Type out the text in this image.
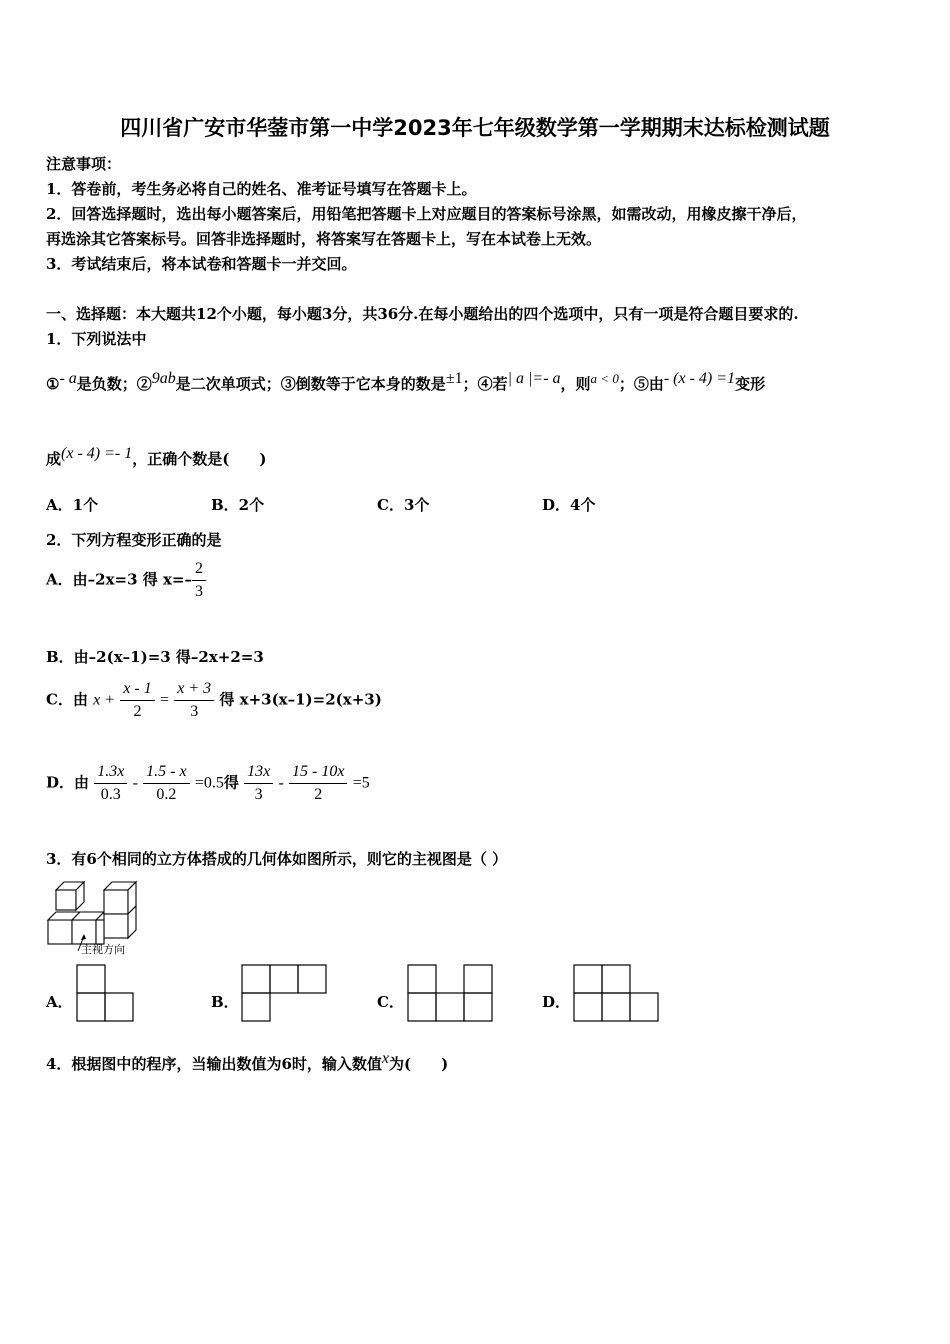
四川省广安市华蓥市第一中学2023年七年级数学第一学期期末达标检测试题
注意事项：
1．答卷前，考生务必将自己的姓名、准考证号填写在答题卡上。
2．回答选择题时，选出每小题答案后，用铅笔把答题卡上对应题目的答案标号涂黑，如需改动，用橡皮擦干净后，
再选涂其它答案标号。回答非选择题时，将答案写在答题卡上，写在本试卷上无效。
3．考试结束后，将本试卷和答题卡一并交回。
一、选择题：本大题共12个小题，每小题3分，共36分.在每小题给出的四个选项中，只有一项是符合题目要求的.
1．下列说法中
①$^{- a}$是负数；②$^{9ab}$是二次单项式；③倒数等于它本身的数是$^{\pm 1}$；④若$^{| a |=- a}$，则$^{a < 0}$；⑤由$^{- (x - 4) =1}$变形
成$^{(x - 4) =- 1}$，正确个数是(　　)
A．1个	B．2个	C．3个	D．4个
2．下列方程变形正确的是
A．由–2x=3 得 $x=- \frac{2}{3}$
B．由–2(x–1)=3 得–2x+2=3
C．由 $x + \frac{x - 1}{2} = \frac{x + 3}{3}$ 得 x+3(x–1)=2(x+3)
D．由 $\frac{1.3x}{0.3} - \frac{1.5 - x}{0.2} =0.5$得 $\frac{13x}{3} - \frac{15 - 10x}{2} =5$
3．有6个相同的立方体搭成的几何体如图所示，则它的主视图是（ ）
主视方向
A．	B．	C．	D．
4．根据图中的程序，当输出数值为6时，输入数值$^x$为(　　)
